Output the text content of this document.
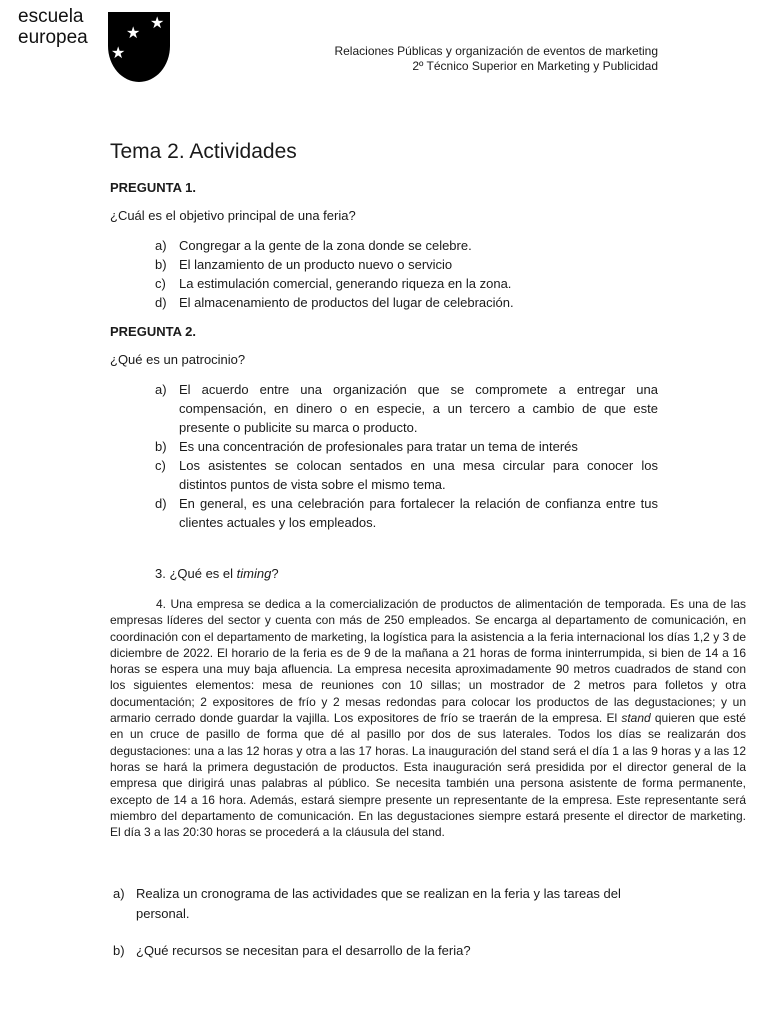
escuela
europea
★
★
★	Relaciones Públicas y organización de eventos de marketing
2º Técnico Superior en Marketing y Publicidad
Tema 2. Actividades
PREGUNTA 1.
¿Cuál es el objetivo principal de una feria?
a) Congregar a la gente de la zona donde se celebre.
b) El lanzamiento de un producto nuevo o servicio
c)	La estimulación comercial, generando riqueza en la zona.
d) El almacenamiento de productos del lugar de celebración.
PREGUNTA 2.
¿Qué es un patrocinio?
a) El acuerdo entre una organización que se compromete a entregar una compensación, en dinero o en especie, a un tercero a cambio de que este presente o publicite su marca o producto.
b) Es una concentración de profesionales para tratar un tema de interés
c)	Los asistentes se colocan sentados en una mesa circular para conocer los distintos puntos de vista sobre el mismo tema.
d) En general, es una celebración para fortalecer la relación de confianza entre tus clientes actuales y los empleados.
3. ¿Qué es el timing?
4. Una empresa se dedica a la comercialización de productos de alimentación de temporada. Es una de las empresas líderes del sector y cuenta con más de 250 empleados. Se encarga al departamento de comunicación, en coordinación con el departamento de marketing, la logística para la asistencia a la feria internacional los días 1,2 y 3 de diciembre de 2022. El horario de la feria es de 9 de la mañana a 21 horas de forma ininterrumpida, si bien de 14 a 16 horas se espera una muy baja afluencia. La empresa necesita aproximadamente 90 metros cuadrados de stand con los siguientes elementos: mesa de reuniones con 10 sillas; un mostrador de 2 metros para folletos y otra documentación; 2 expositores de frío y 2 mesas redondas para colocar los productos de las degustaciones; y un armario cerrado donde guardar la vajilla. Los expositores de frío se traerán de la empresa. El stand quieren que esté en un cruce de pasillo de forma que dé al pasillo por dos de sus laterales. Todos los días se realizarán dos degustaciones: una a las 12 horas y otra a las 17 horas. La inauguración del stand será el día 1 a las 9 horas y a las 12 horas se hará la primera degustación de productos. Esta inauguración será presidida por el director general de la empresa que dirigirá unas palabras al público. Se necesita también una persona asistente de forma permanente, excepto de 14 a 16 hora. Además, estará siempre presente un representante de la empresa. Este representante será miembro del departamento de comunicación. En las degustaciones siempre estará presente el director de marketing. El día 3 a las 20:30 horas se procederá a la cláusula del stand.
a) Realiza un cronograma de las actividades que se realizan en la feria y las tareas del personal.
b) ¿Qué recursos se necesitan para el desarrollo de la feria?
